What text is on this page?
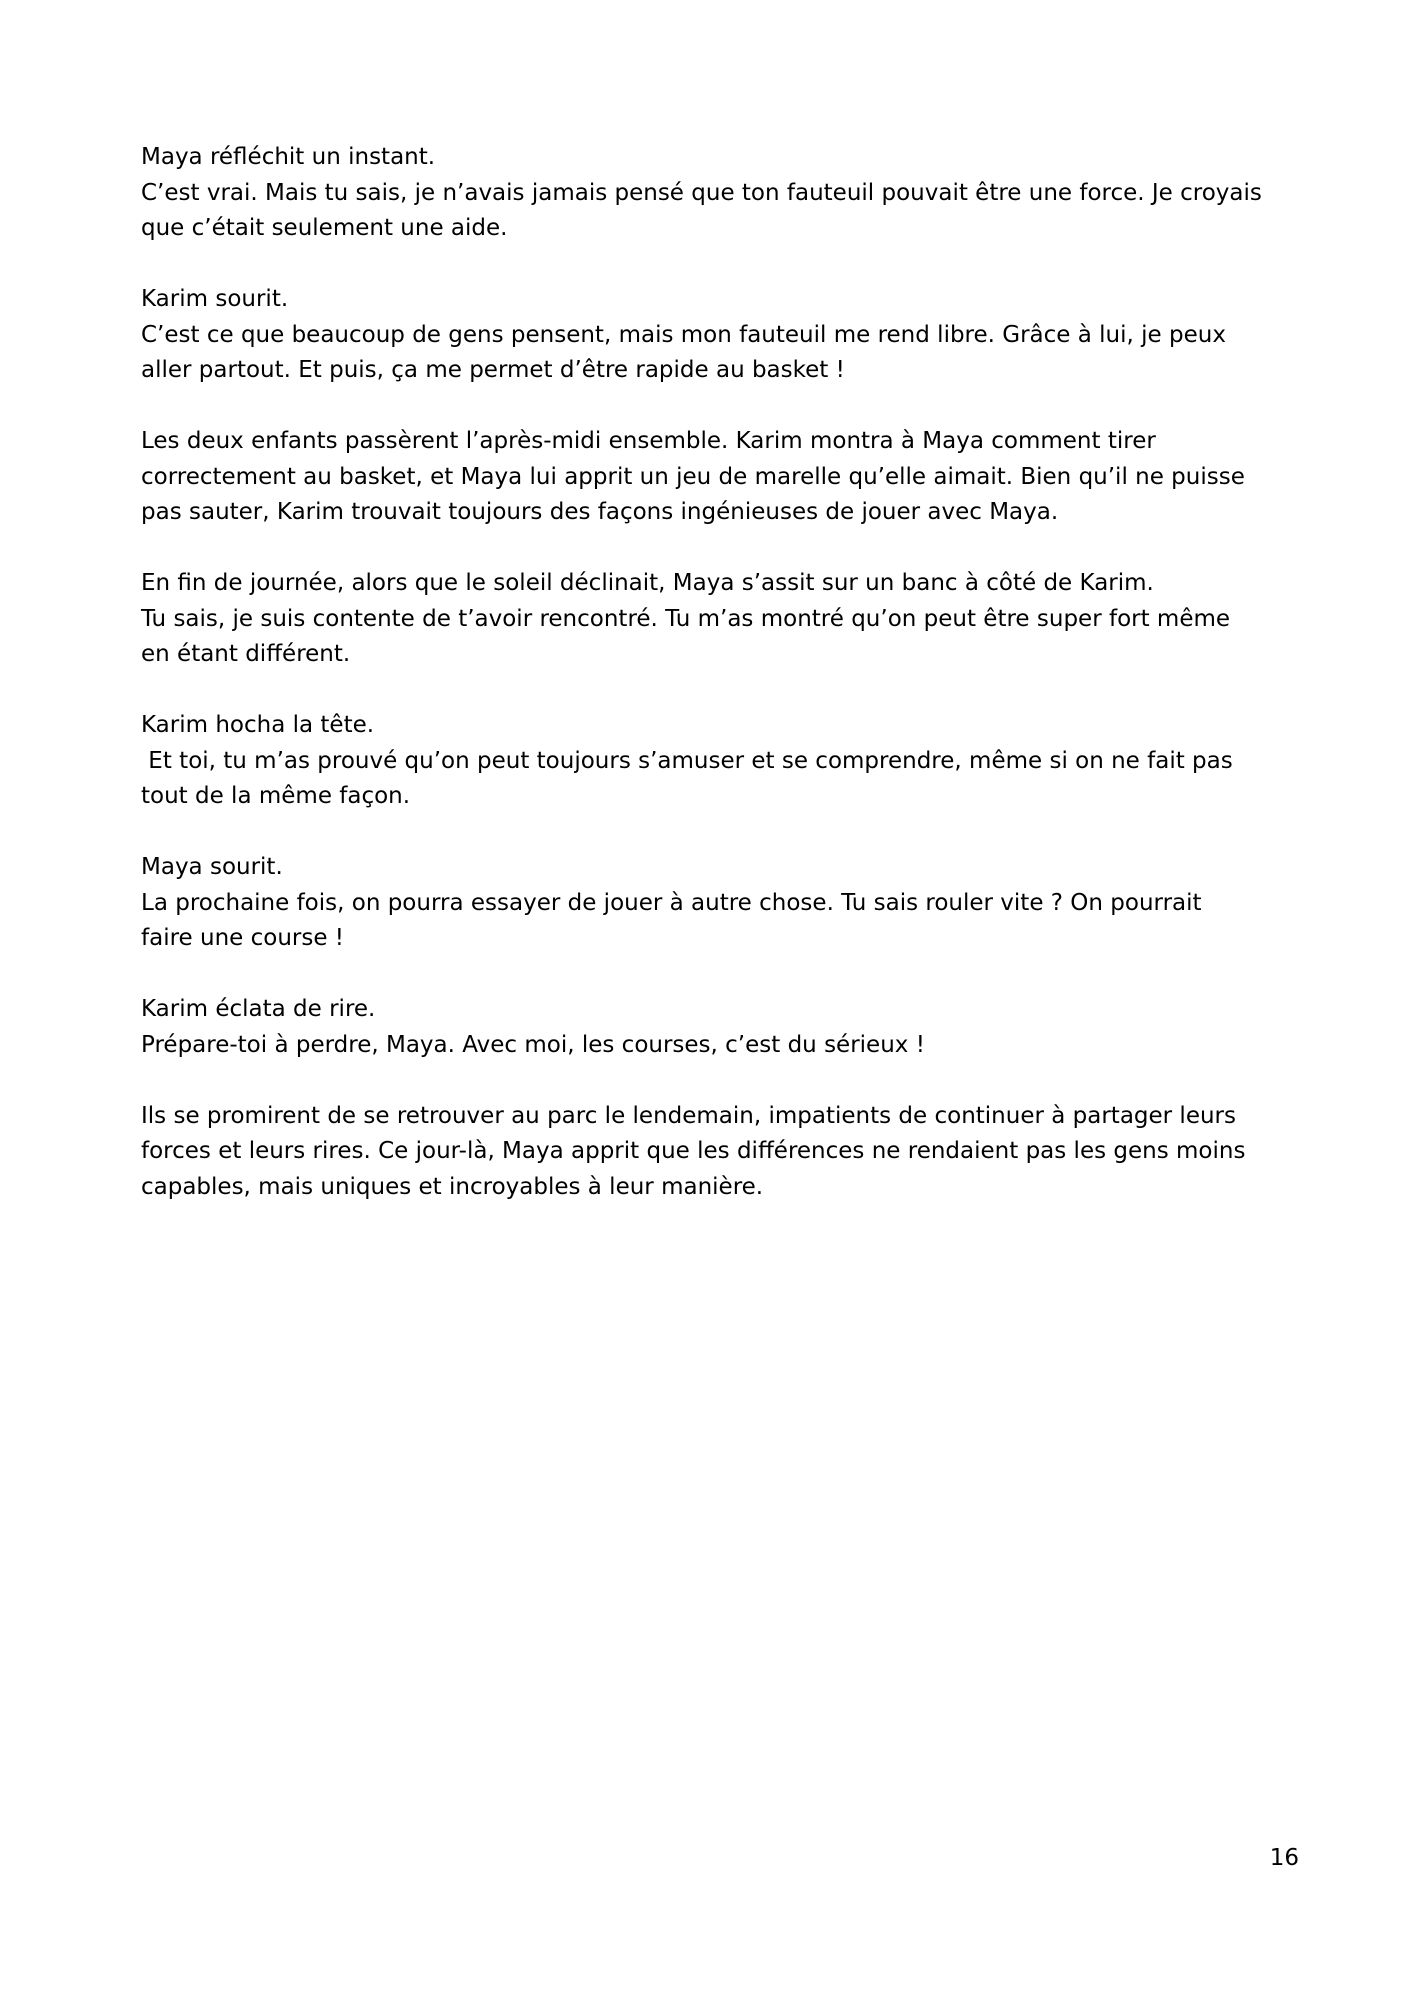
Maya réfléchit un instant.
C’est vrai. Mais tu sais, je n’avais jamais pensé que ton fauteuil pouvait être une force. Je croyais
que c’était seulement une aide.

Karim sourit.
C’est ce que beaucoup de gens pensent, mais mon fauteuil me rend libre. Grâce à lui, je peux
aller partout. Et puis, ça me permet d’être rapide au basket !

Les deux enfants passèrent l’après-midi ensemble. Karim montra à Maya comment tirer
correctement au basket, et Maya lui apprit un jeu de marelle qu’elle aimait. Bien qu’il ne puisse
pas sauter, Karim trouvait toujours des façons ingénieuses de jouer avec Maya.

En fin de journée, alors que le soleil déclinait, Maya s’assit sur un banc à côté de Karim.
Tu sais, je suis contente de t’avoir rencontré. Tu m’as montré qu’on peut être super fort même
en étant différent.

Karim hocha la tête.
Et toi, tu m’as prouvé qu’on peut toujours s’amuser et se comprendre, même si on ne fait pas
tout de la même façon.

Maya sourit.
La prochaine fois, on pourra essayer de jouer à autre chose. Tu sais rouler vite ? On pourrait
faire une course !

Karim éclata de rire.
Prépare-toi à perdre, Maya. Avec moi, les courses, c’est du sérieux !

Ils se promirent de se retrouver au parc le lendemain, impatients de continuer à partager leurs
forces et leurs rires. Ce jour-là, Maya apprit que les différences ne rendaient pas les gens moins
capables, mais uniques et incroyables à leur manière.

16
